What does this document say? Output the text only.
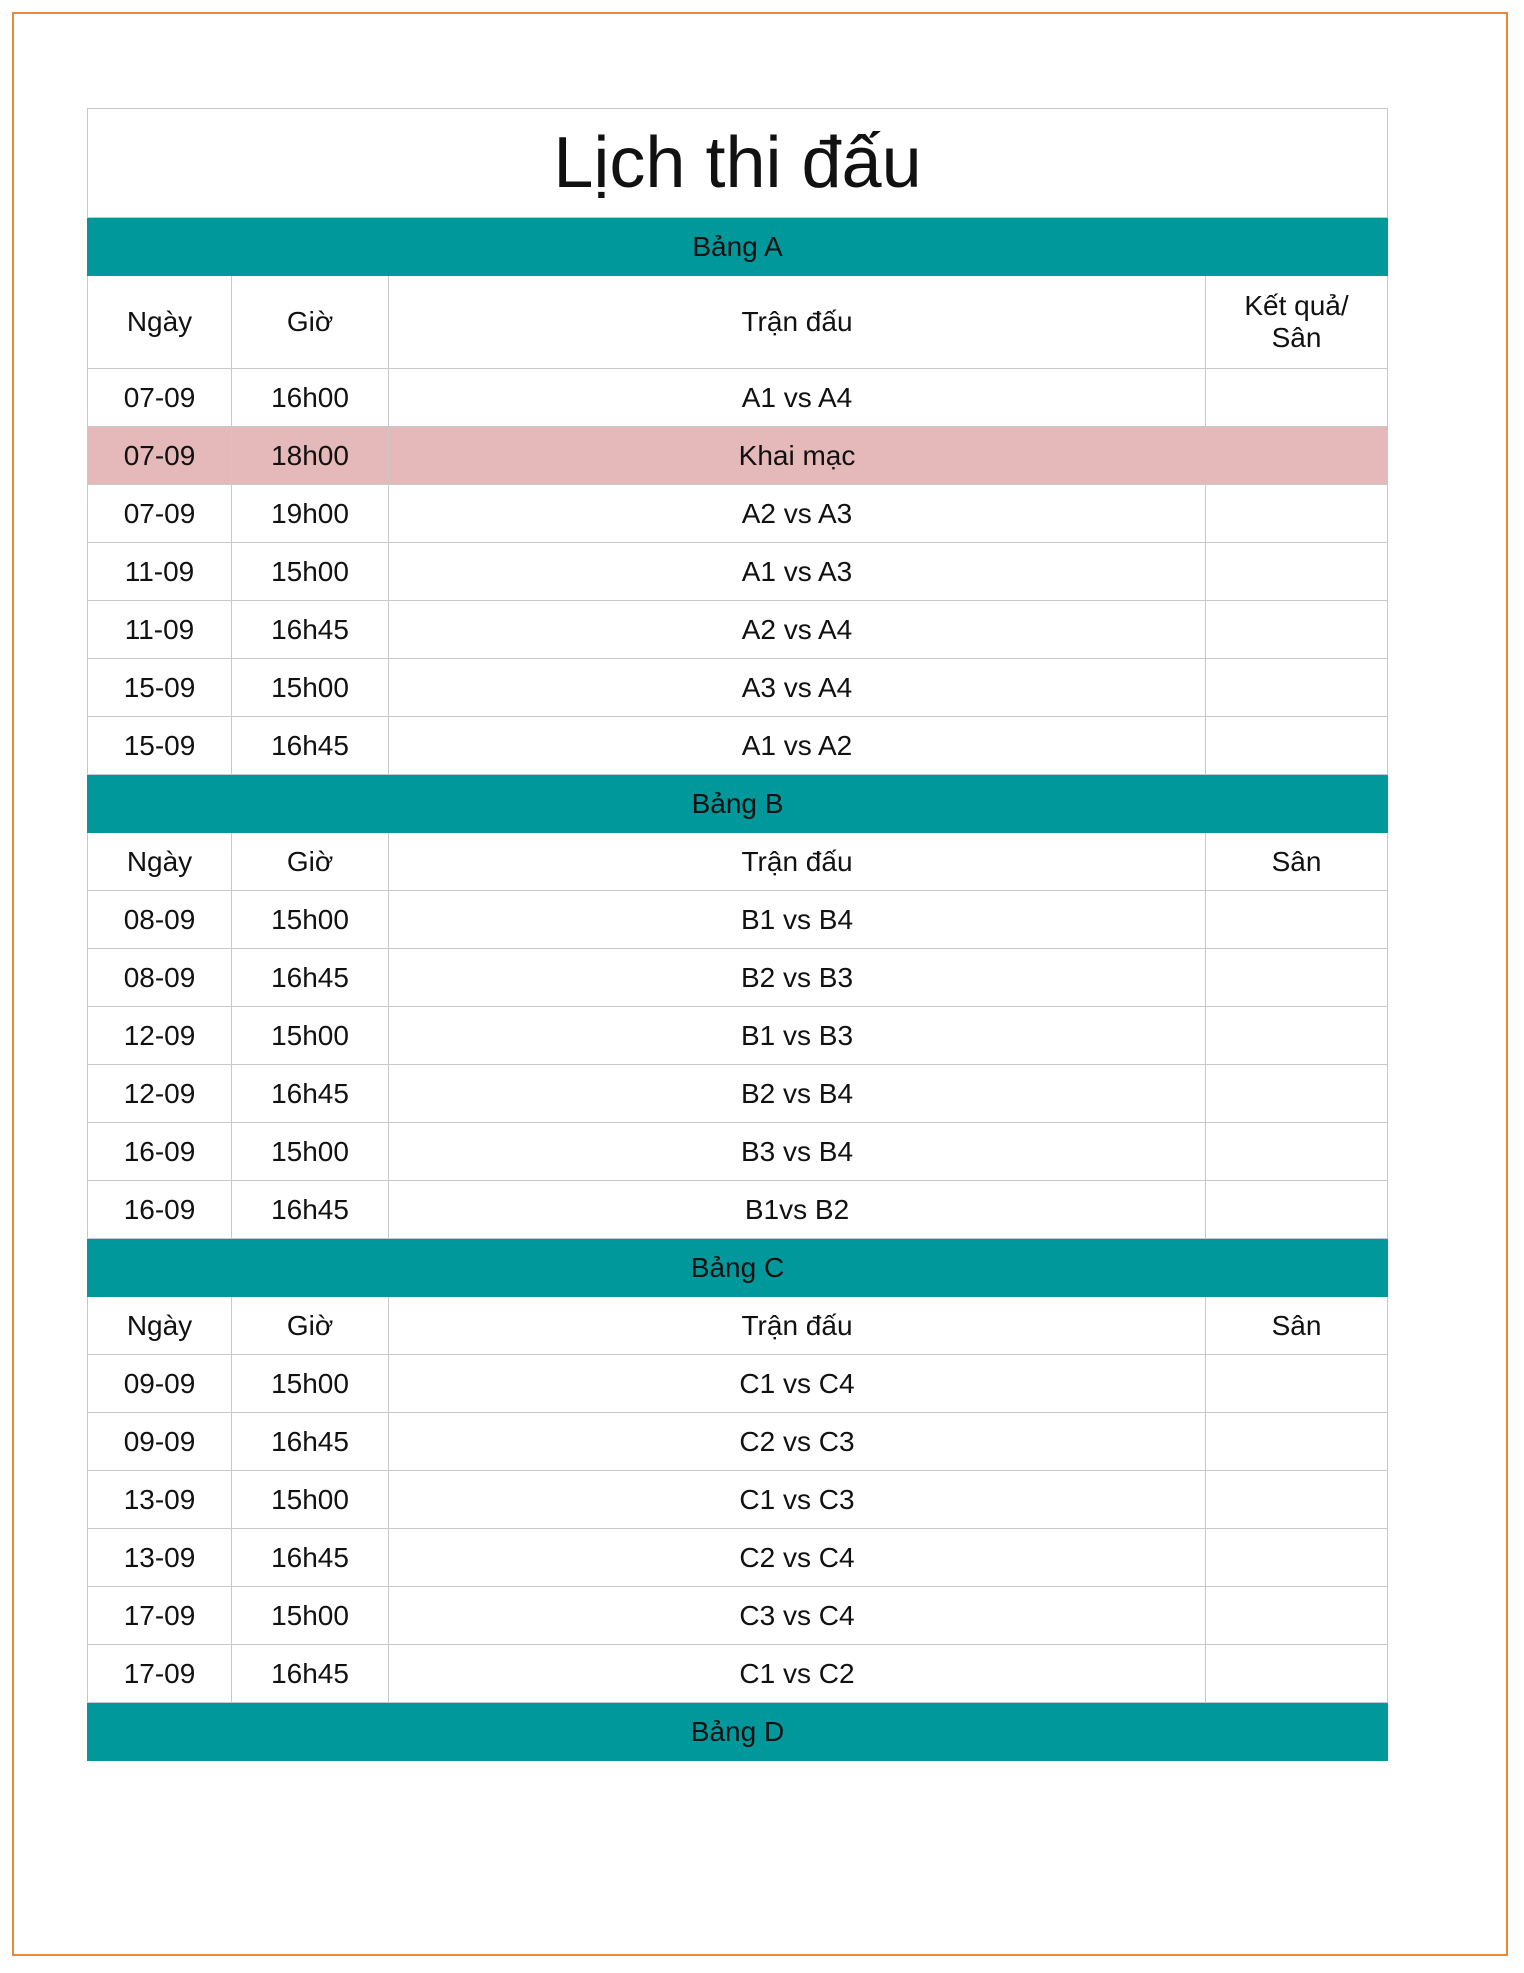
Lịch thi đấu			
Bảng A			
Ngày	Giờ	Trận đấu	Kết quả/
Sân
07-09	16h00	A1 vs A4	
07-09	18h00	Khai mạc	
07-09	19h00	A2 vs A3	
11-09	15h00	A1 vs A3	
11-09	16h45	A2 vs A4	
15-09	15h00	A3 vs A4	
15-09	16h45	A1 vs A2	
Bảng B			
Ngày	Giờ	Trận đấu	Sân
08-09	15h00	B1 vs B4	
08-09	16h45	B2 vs B3	
12-09	15h00	B1 vs B3	
12-09	16h45	B2 vs B4	
16-09	15h00	B3 vs B4	
16-09	16h45	B1vs B2	
Bảng C			
Ngày	Giờ	Trận đấu	Sân
09-09	15h00	C1 vs C4	
09-09	16h45	C2 vs C3	
13-09	15h00	C1 vs C3	
13-09	16h45	C2 vs C4	
17-09	15h00	C3 vs C4	
17-09	16h45	C1 vs C2	
Bảng D			
